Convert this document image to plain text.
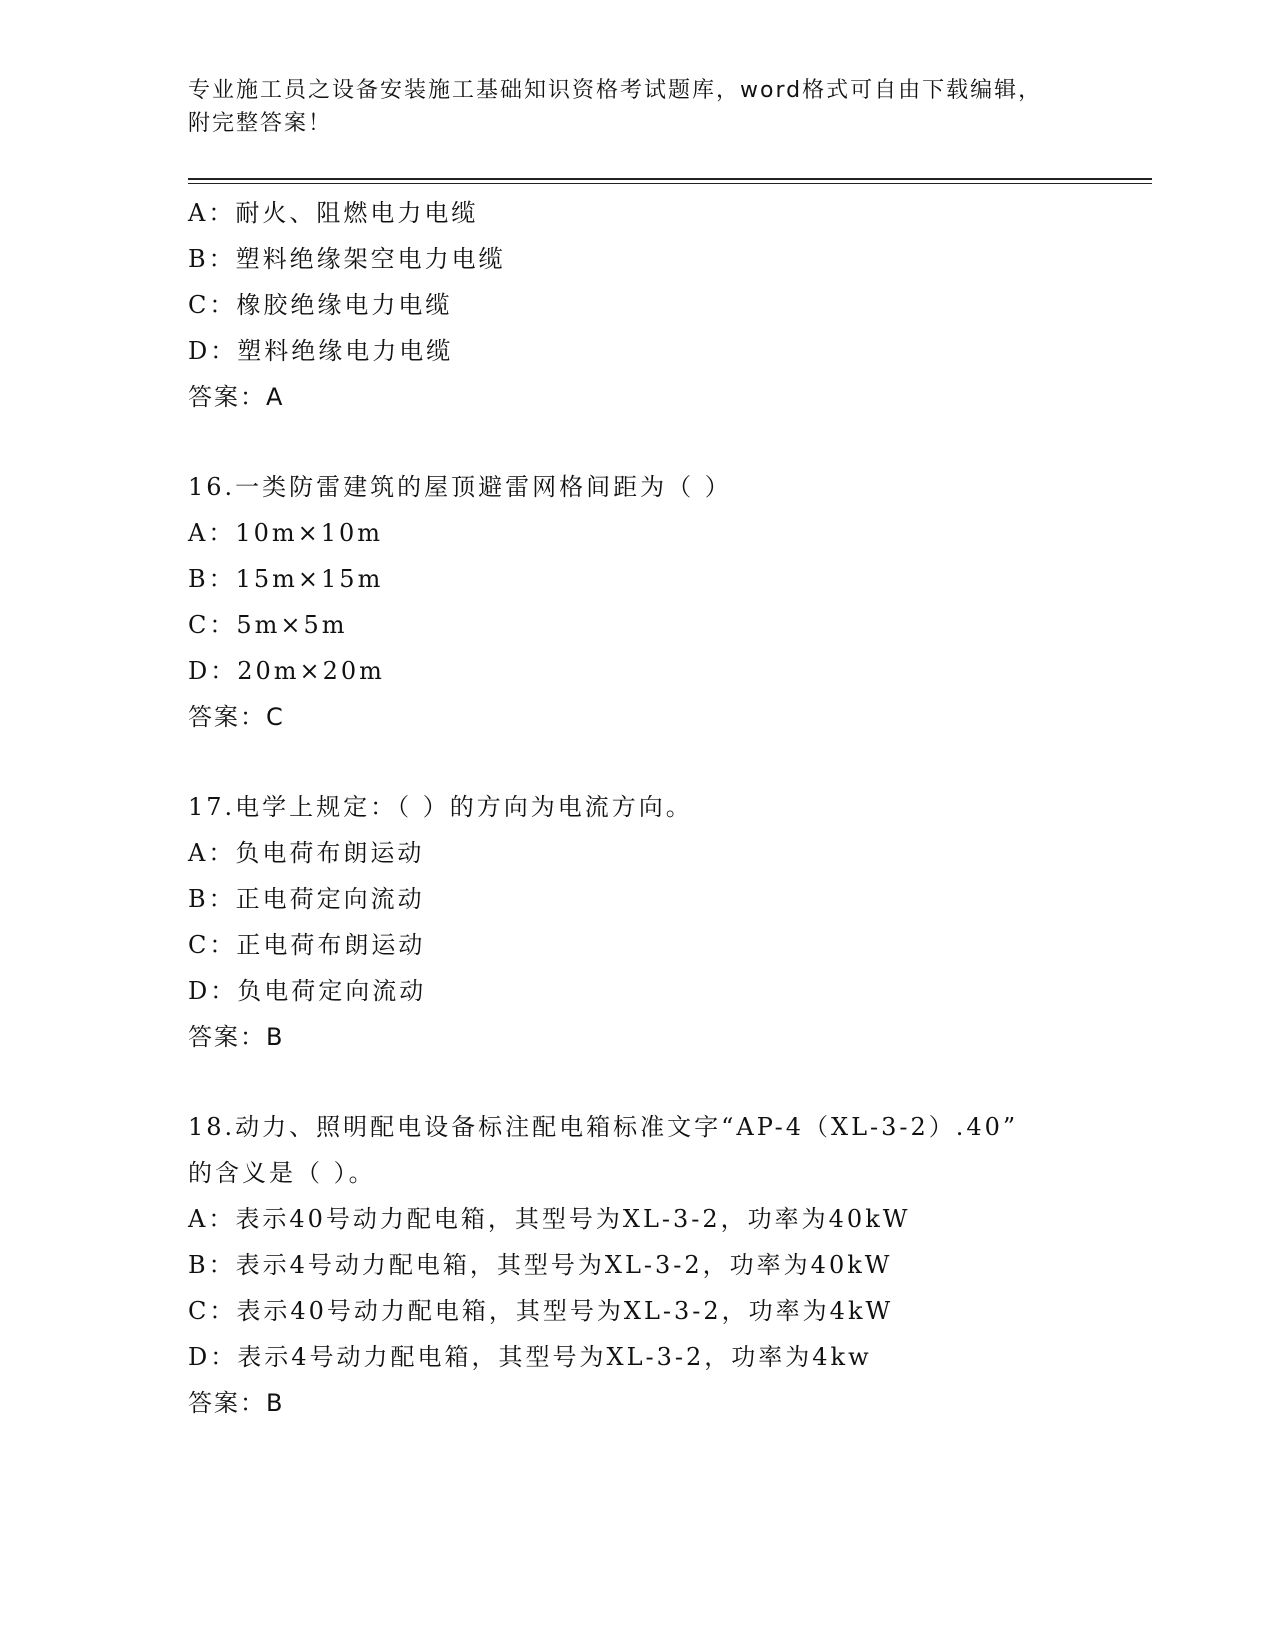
专业施工员之设备安装施工基础知识资格考试题库，word格式可自由下载编辑，附完整答案！
A：耐火、阻燃电力电缆
B：塑料绝缘架空电力电缆
C：橡胶绝缘电力电缆
D：塑料绝缘电力电缆
答案：A
16.一类防雷建筑的屋顶避雷网格间距为（ ）
A：10m×10m
B：15m×15m
C：5m×5m
D：20m×20m
答案：C
17.电学上规定：（ ）的方向为电流方向。
A：负电荷布朗运动
B：正电荷定向流动
C：正电荷布朗运动
D：负电荷定向流动
答案：B
18.动力、照明配电设备标注配电箱标准文字“AP-4（XL-3-2）.40”
的含义是（ ）。
A：表示40号动力配电箱，其型号为XL-3-2，功率为40kW
B：表示4号动力配电箱，其型号为XL-3-2，功率为40kW
C：表示40号动力配电箱，其型号为XL-3-2，功率为4kW
D：表示4号动力配电箱，其型号为XL-3-2，功率为4kw
答案：B
